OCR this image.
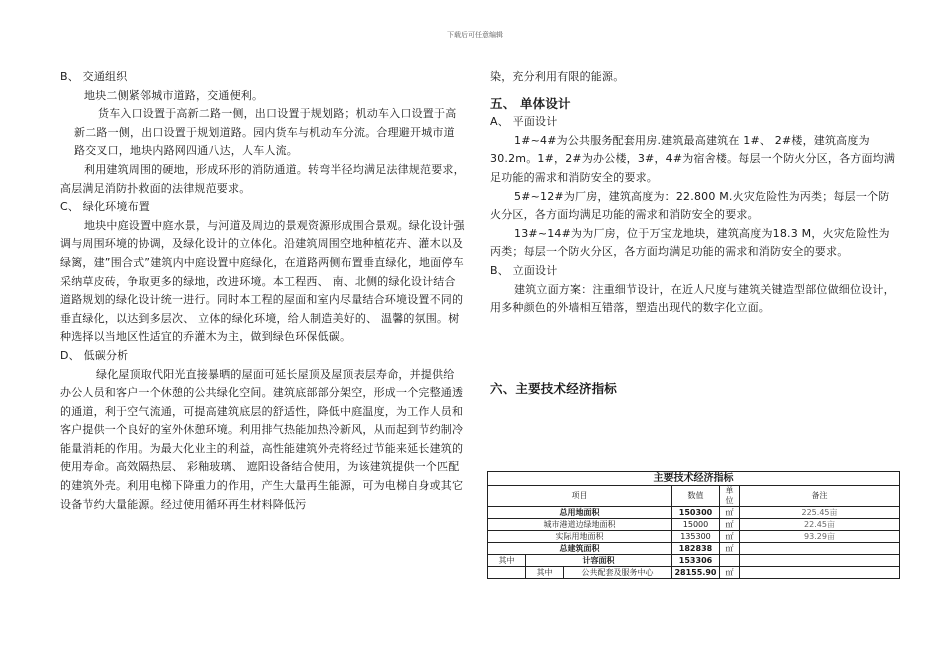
下载后可任意编辑

B、 交通组织

地块二侧紧邻城市道路，交通便利。

货车入口设置于高新二路一侧，出口设置于规划路；机动车入口设置于高新二路一侧，出口设置于规划道路。园内货车与机动车分流。合理避开城市道路交叉口，地块内路网四通八达，人车人流。

利用建筑周围的硬地，形成环形的消防通道。转弯半径均满足法律规范要求，高层满足消防扑救面的法律规范要求。

C、 绿化环境布置

地块中庭设置中庭水景，与河道及周边的景观资源形成围合景观。绿化设计强调与周围环境的协调，及绿化设计的立体化。沿建筑周围空地种植花卉、灌木以及绿篱，建”围合式”建筑内中庭设置中庭绿化，在道路两侧布置垂直绿化，地面停车采纳草皮砖，争取更多的绿地，改进环境。本工程西、 南、北侧的绿化设计结合道路规划的绿化设计统一进行。同时本工程的屋面和室内尽量结合环境设置不同的垂直绿化，以达到多层次、 立体的绿化环境，给人制造美好的、 温馨的氛围。树种选择以当地区性适宜的乔灌木为主，做到绿色环保低碳。

D、 低碳分析

绿化屋顶取代阳光直接暴晒的屋面可延长屋顶及屋顶表层寿命，并提供给办公人员和客户一个休憩的公共绿化空间。建筑底部部分架空，形成一个完整通透的通道，利于空气流通，可提高建筑底层的舒适性，降低中庭温度，为工作人员和客户提供一个良好的室外休憩环境。利用排气热能加热冷新风，从而起到节约制冷能量消耗的作用。为最大化业主的利益，高性能建筑外壳将经过节能来延长建筑的使用寿命。高效隔热层、 彩釉玻璃、 遮阳设备结合使用，为该建筑提供一个匹配的建筑外壳。利用电梯下降重力的作用，产生大量再生能源，可为电梯自身或其它设备节约大量能源。经过使用循环再生材料降低污

染，充分利用有限的能源。

五、 单体设计

A、 平面设计

1#~4#为公共服务配套用房.建筑最高建筑在 1#、 2#楼，建筑高度为30.2m。1#，2#为办公楼，3#，4#为宿舍楼。每层一个防火分区，各方面均满足功能的需求和消防安全的要求。

5#~12#为厂房，建筑高度为：22.800 M.火灾危险性为丙类；每层一个防火分区，各方面均满足功能的需求和消防安全的要求。

13#~14#为为厂房，位于万宝龙地块，建筑高度为18.3 M，火灾危险性为丙类；每层一个防火分区，各方面均满足功能的需求和消防安全的要求。

B、 立面设计

建筑立面方案：注重细节设计，在近人尺度与建筑关键造型部位做细位设计，用多种颜色的外墙相互错落，塑造出现代的数字化立面。

六、主要技术经济指标

主要技术经济指标					
项目			数值	单位	备注
总用地面积			150300	㎡	225.45亩
城市港道边绿地面积			15000	㎡	22.45亩
实际用地面积			135300	㎡	93.29亩
总建筑面积			182838	㎡	
其中	计容面积		153306		
	其中	公共配套及服务中心	28155.90	㎡	
